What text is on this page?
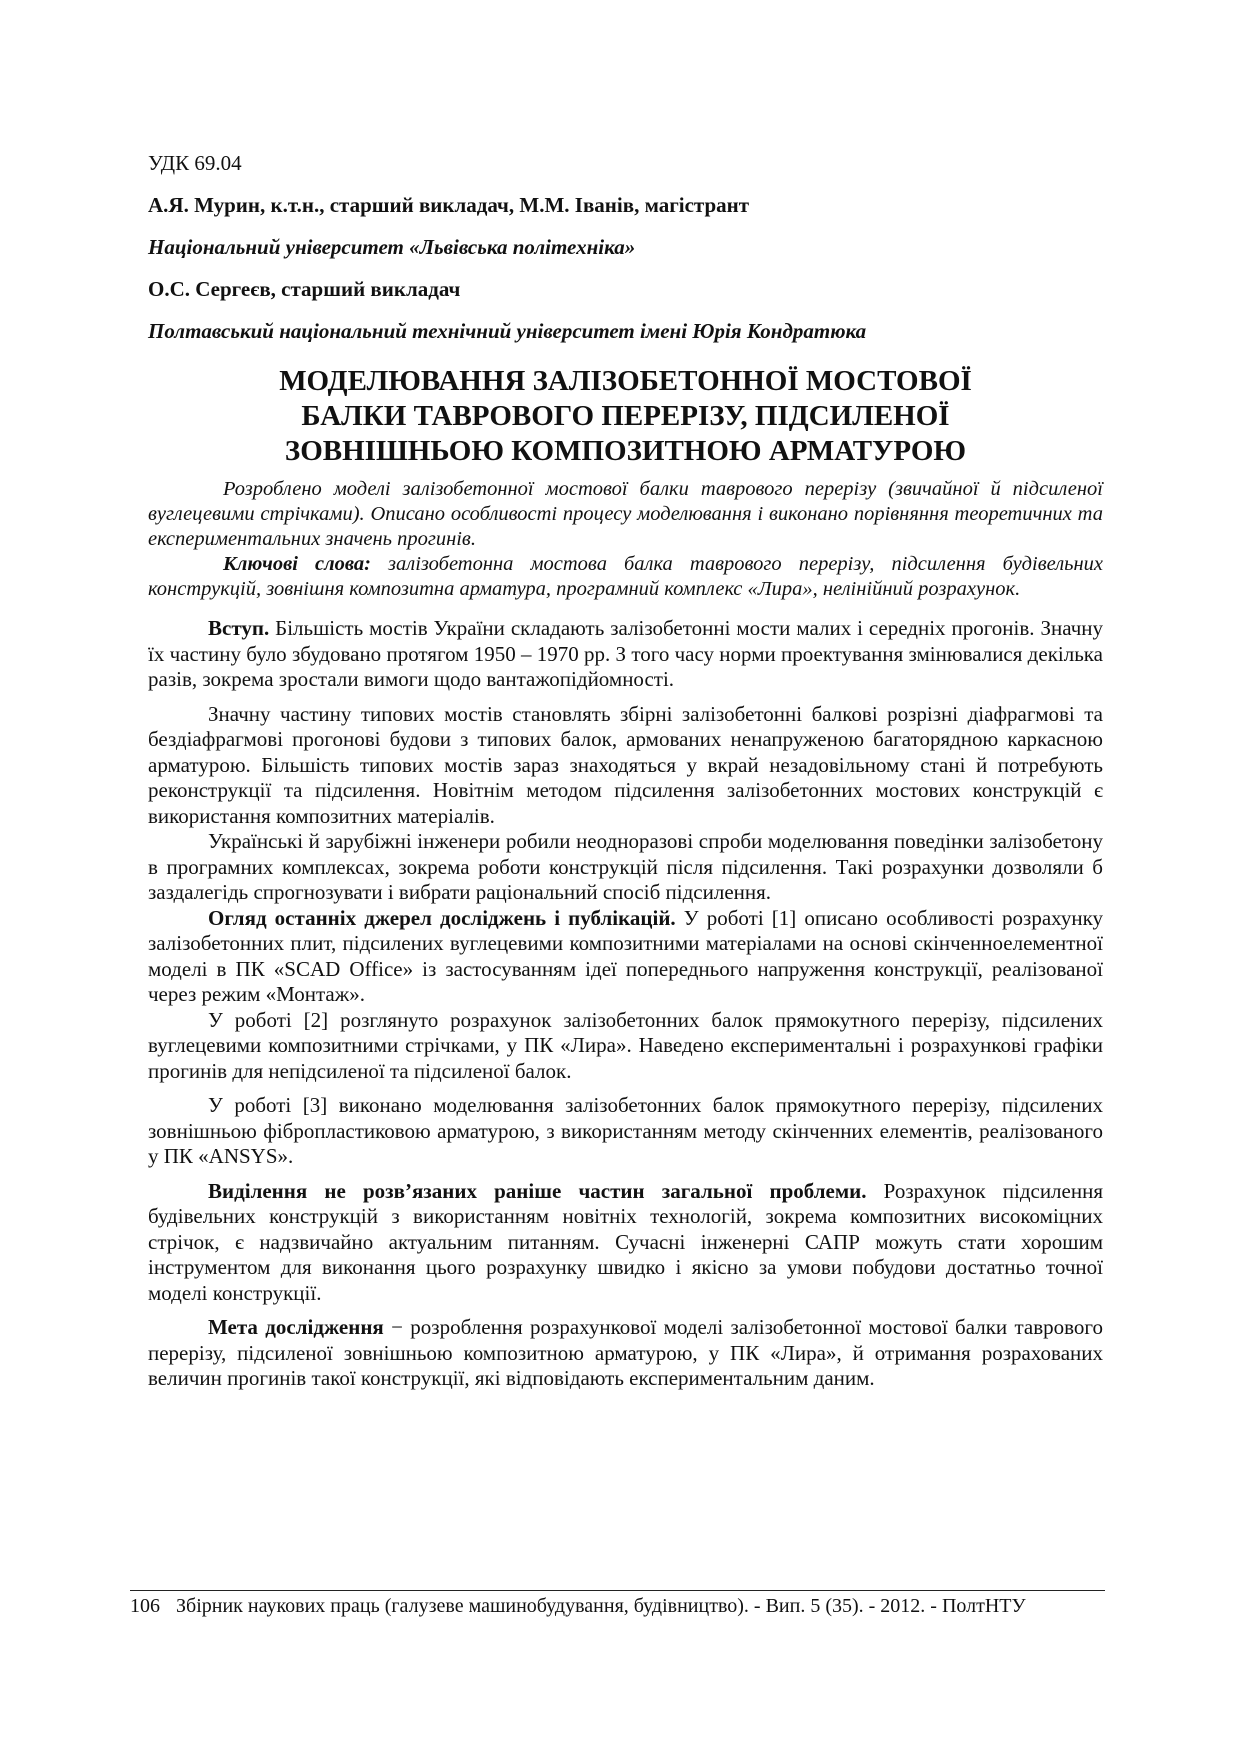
УДК 69.04

А.Я. Мурин, к.т.н., старший викладач, М.М. Іванів, магістрант

Національний університет «Львівська політехніка»

О.С. Сергеєв, старший викладач

Полтавський національний технічний університет імені Юрія Кондратюка

МОДЕЛЮВАННЯ ЗАЛІЗОБЕТОННОЇ МОСТОВОЇ
БАЛКИ ТАВРОВОГО ПЕРЕРІЗУ, ПІДСИЛЕНОЇ
ЗОВНІШНЬОЮ КОМПОЗИТНОЮ АРМАТУРОЮ

Розроблено моделі залізобетонної мостової балки таврового перерізу (звичайної й підсиленої вуглецевими стрічками). Описано особливості процесу моделювання і виконано порівняння теоретичних та експериментальних значень прогинів.

Ключові слова: залізобетонна мостова балка таврового перерізу, підсилення будівельних конструкцій, зовнішня композитна арматура, програмний комплекс «Лира», нелінійний розрахунок.

Вступ. Більшість мостів України складають залізобетонні мости малих і середніх прогонів. Значну їх частину було збудовано протягом 1950 – 1970 рр. З того часу норми проектування змінювалися декілька разів, зокрема зростали вимоги щодо вантажопідйомності.

Значну частину типових мостів становлять збірні залізобетонні балкові розрізні діафрагмові та бездіафрагмові прогонові будови з типових балок, армованих ненапруженою багаторядною каркасною арматурою. Більшість типових мостів зараз знаходяться у вкрай незадовільному стані й потребують реконструкції та підсилення. Новітнім методом підсилення залізобетонних мостових конструкцій є використання композитних матеріалів.

Українські й зарубіжні інженери робили неодноразові спроби моделювання поведінки залізобетону в програмних комплексах, зокрема роботи конструкцій після підсилення. Такі розрахунки дозволяли б заздалегідь спрогнозувати і вибрати раціональний спосіб підсилення.

Огляд останніх джерел досліджень і публікацій. У роботі [1] описано особливості розрахунку залізобетонних плит, підсилених вуглецевими композитними матеріалами на основі скінченноелементної моделі в ПК «SCAD Office» із застосуванням ідеї попереднього напруження конструкції, реалізованої через режим «Монтаж».

У роботі [2] розглянуто розрахунок залізобетонних балок прямокутного перерізу, підсилених вуглецевими композитними стрічками, у ПК «Лира». Наведено експериментальні і розрахункові графіки прогинів для непідсиленої та підсиленої балок.

У роботі [3] виконано моделювання залізобетонних балок прямокутного перерізу, підсилених зовнішньою фібропластиковою арматурою, з використанням методу скінченних елементів, реалізованого у ПК «ANSYS».

Виділення не розв’язаних раніше частин загальної проблеми. Розрахунок підсилення будівельних конструкцій з використанням новітніх технологій, зокрема композитних високоміцних стрічок, є надзвичайно актуальним питанням. Сучасні інженерні САПР можуть стати хорошим інструментом для виконання цього розрахунку швидко і якісно за умови побудови достатньо точної моделі конструкції.

Мета дослідження − розроблення розрахункової моделі залізобетонної мостової балки таврового перерізу, підсиленої зовнішньою композитною арматурою, у ПК «Лира», й отримання розрахованих величин прогинів такої конструкції, які відповідають експериментальним даним.

106 Збірник наукових праць (галузеве машинобудування, будівництво). - Вип. 5 (35). - 2012. - ПолтНТУ
